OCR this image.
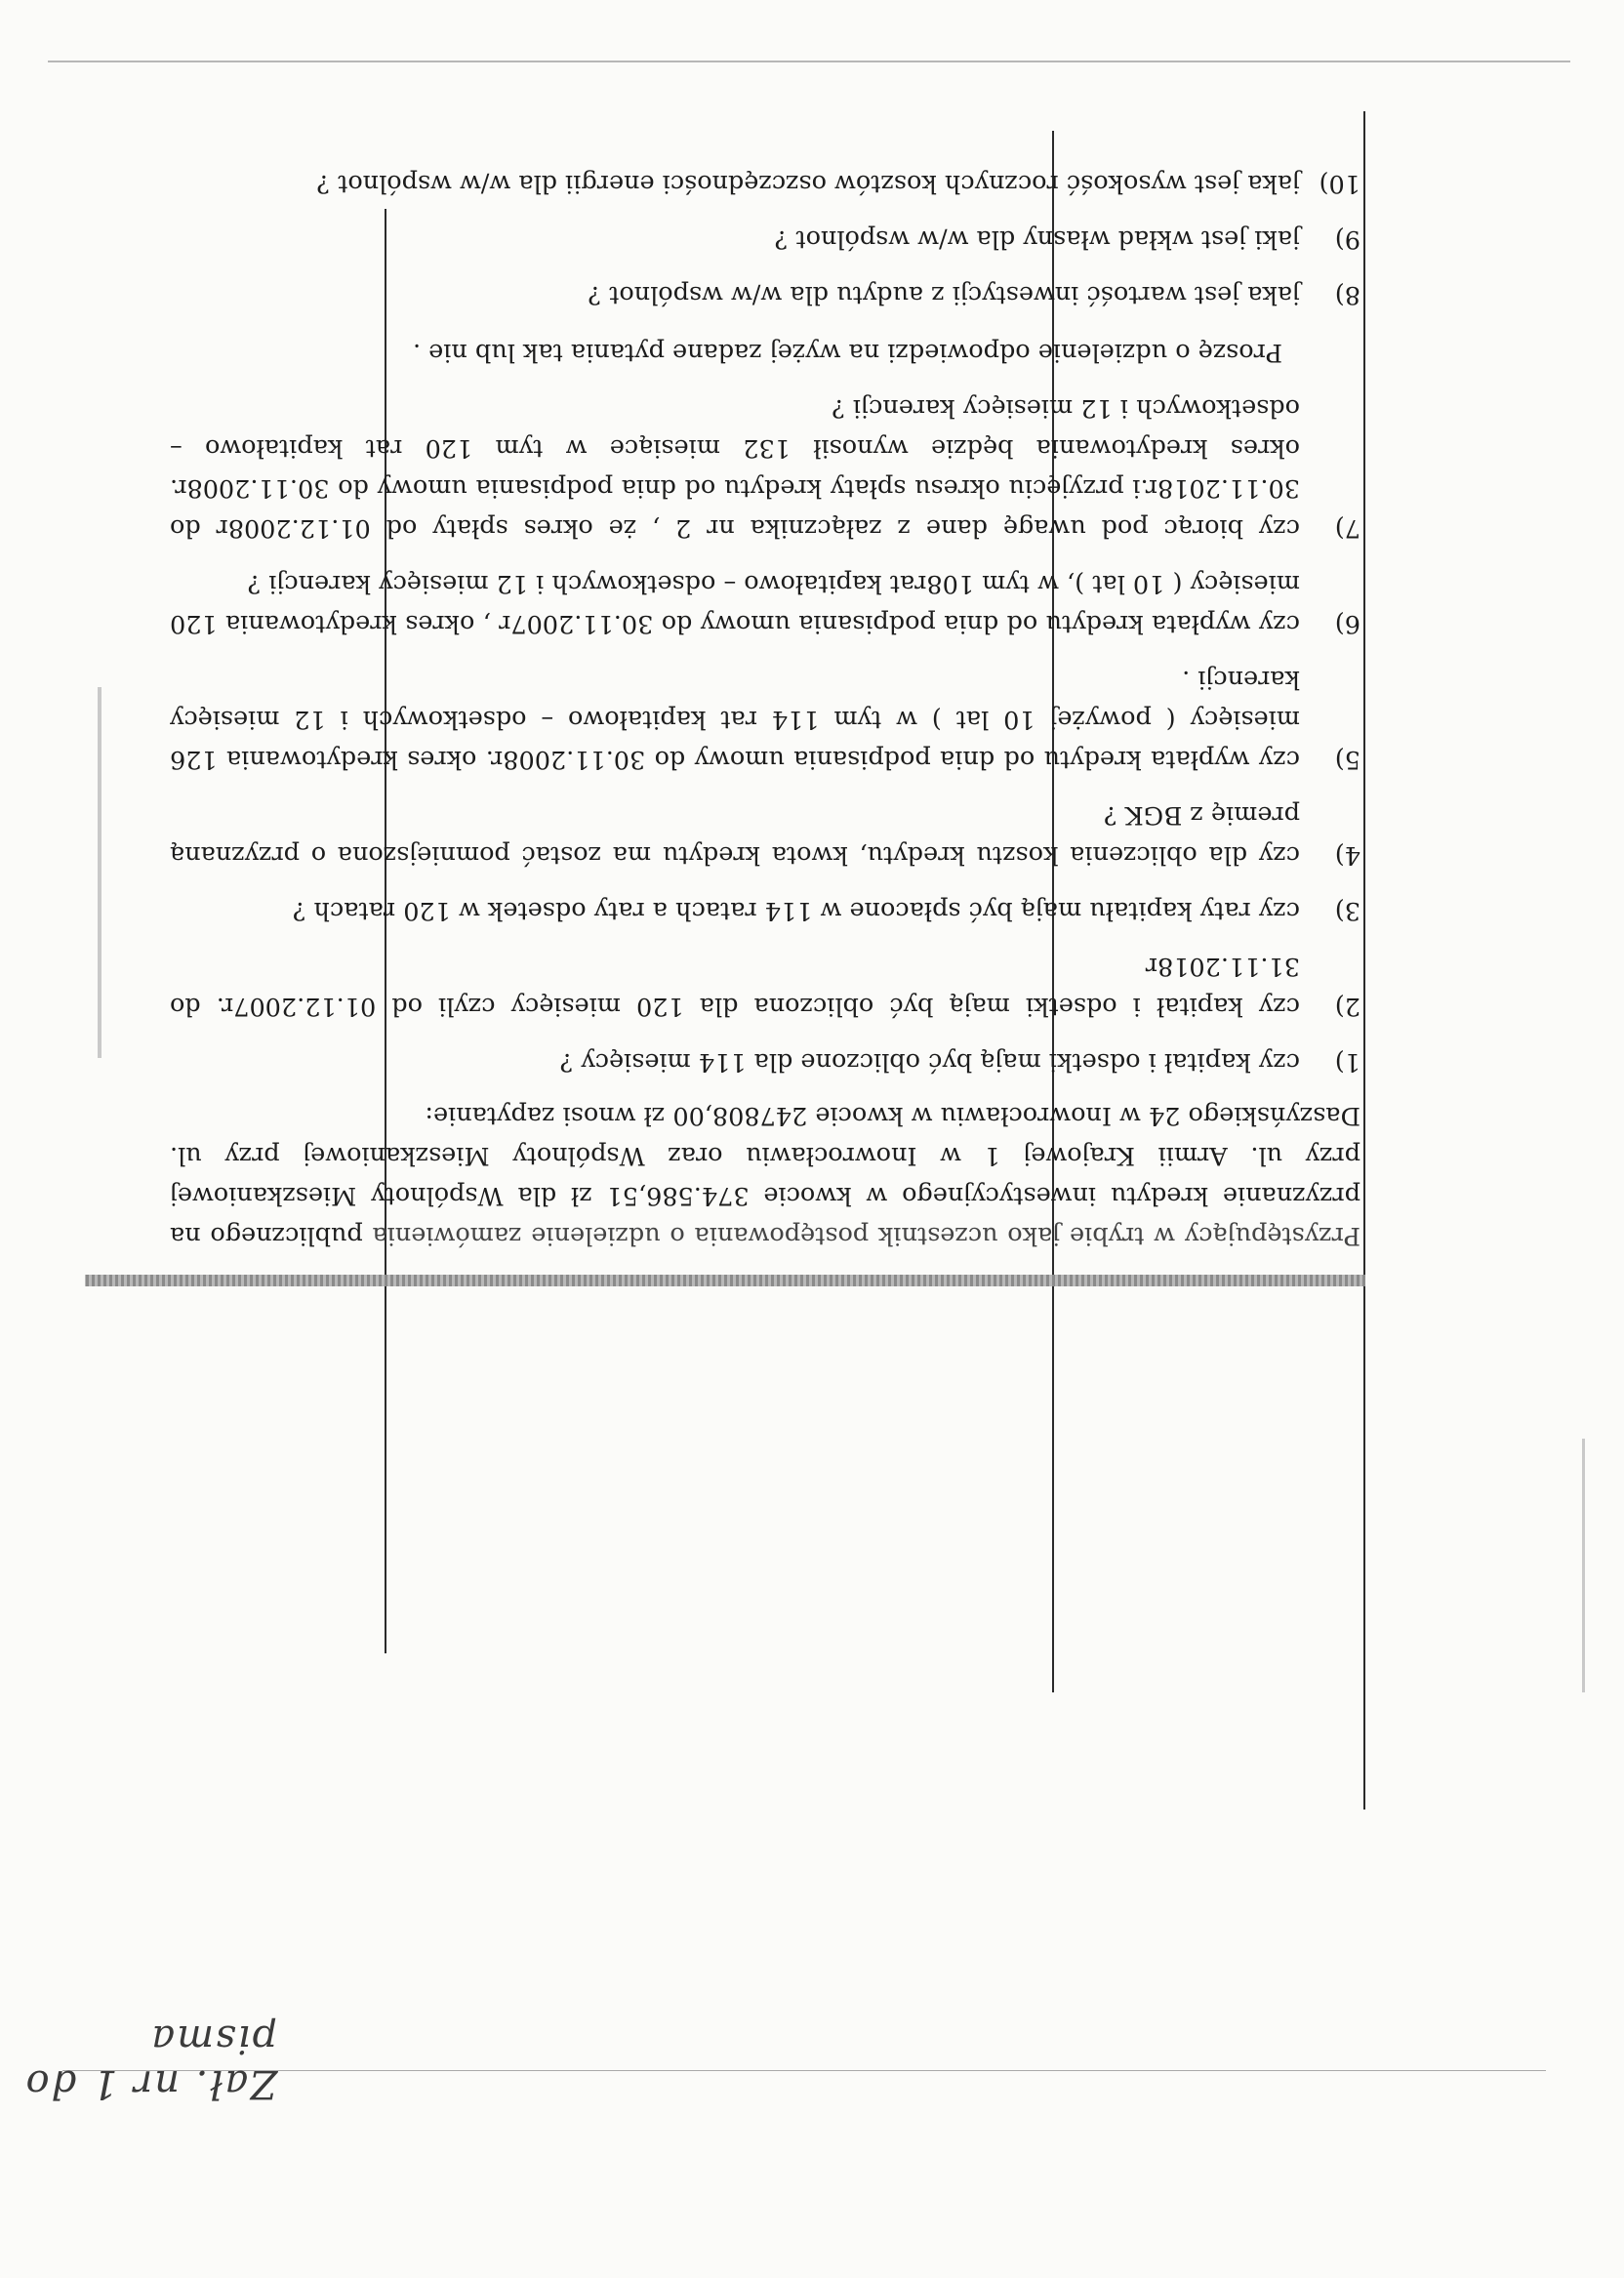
Przystępujący w trybie jako uczestnik postępowania o udzielenie zamówienia publicznego na przyznanie kredytu inwestycyjnego w kwocie 374.586,51 zł dla Wspólnoty Mieszkaniowej przy ul. Armii Krajowej 1 w Inowrocławiu oraz Wspólnoty Mieszkaniowej przy ul. Daszyńskiego 24 w Inowrocławiu w kwocie 247808,00 zł wnosi zapytanie:

1)
czy kapitał i odsetki mają być obliczone dla 114 miesięcy ?
2)
czy kapitał i odsetki mają być obliczona dla 120 miesięcy czyli od 01.12.2007r. do 31.11.2018r
3)
czy raty kapitału mają być spłacone w 114 ratach a raty odsetek w 120 ratach ?
4)
czy dla obliczenia kosztu kredytu, kwota kredytu ma zostać pomniejszona o przyznaną premię z BGK ?
5)
czy wypłata kredytu od dnia podpisania umowy do 30.11.2008r. okres kredytowania 126 miesięcy ( powyżej 10 lat ) w tym 114 rat kapitałowo – odsetkowych i 12 miesięcy karencji .
6)
czy wypłata kredytu od dnia podpisania umowy do 30.11.2007r , okres kredytowania 120 miesięcy ( 10 lat ), w tym 108rat kapitałowo – odsetkowych i 12 miesięcy karencji ?
7)
czy biorąc pod uwagę dane z załącznika nr 2 , że okres spłaty od 01.12.2008r do 30.11.2018r.i przyjęciu okresu spłaty kredytu od dnia podpisania umowy do 30.11.2008r. okres kredytowania będzie wynosił 132 miesiące w tym 120 rat kapitałowo – odsetkowych i 12 miesięcy karencji ?

Proszę o udzielenie odpowiedzi na wyżej zadane pytania tak lub nie .

8)
jaka jest wartość inwestycji z audytu dla w/w wspólnot ?
9)
jaki jest wkład własny dla w/w wspólnot ?
10)
jaka jest wysokość rocznych kosztów oszczędności energii dla w/w wspólnot ?
Zał. nr 1 do pisma
